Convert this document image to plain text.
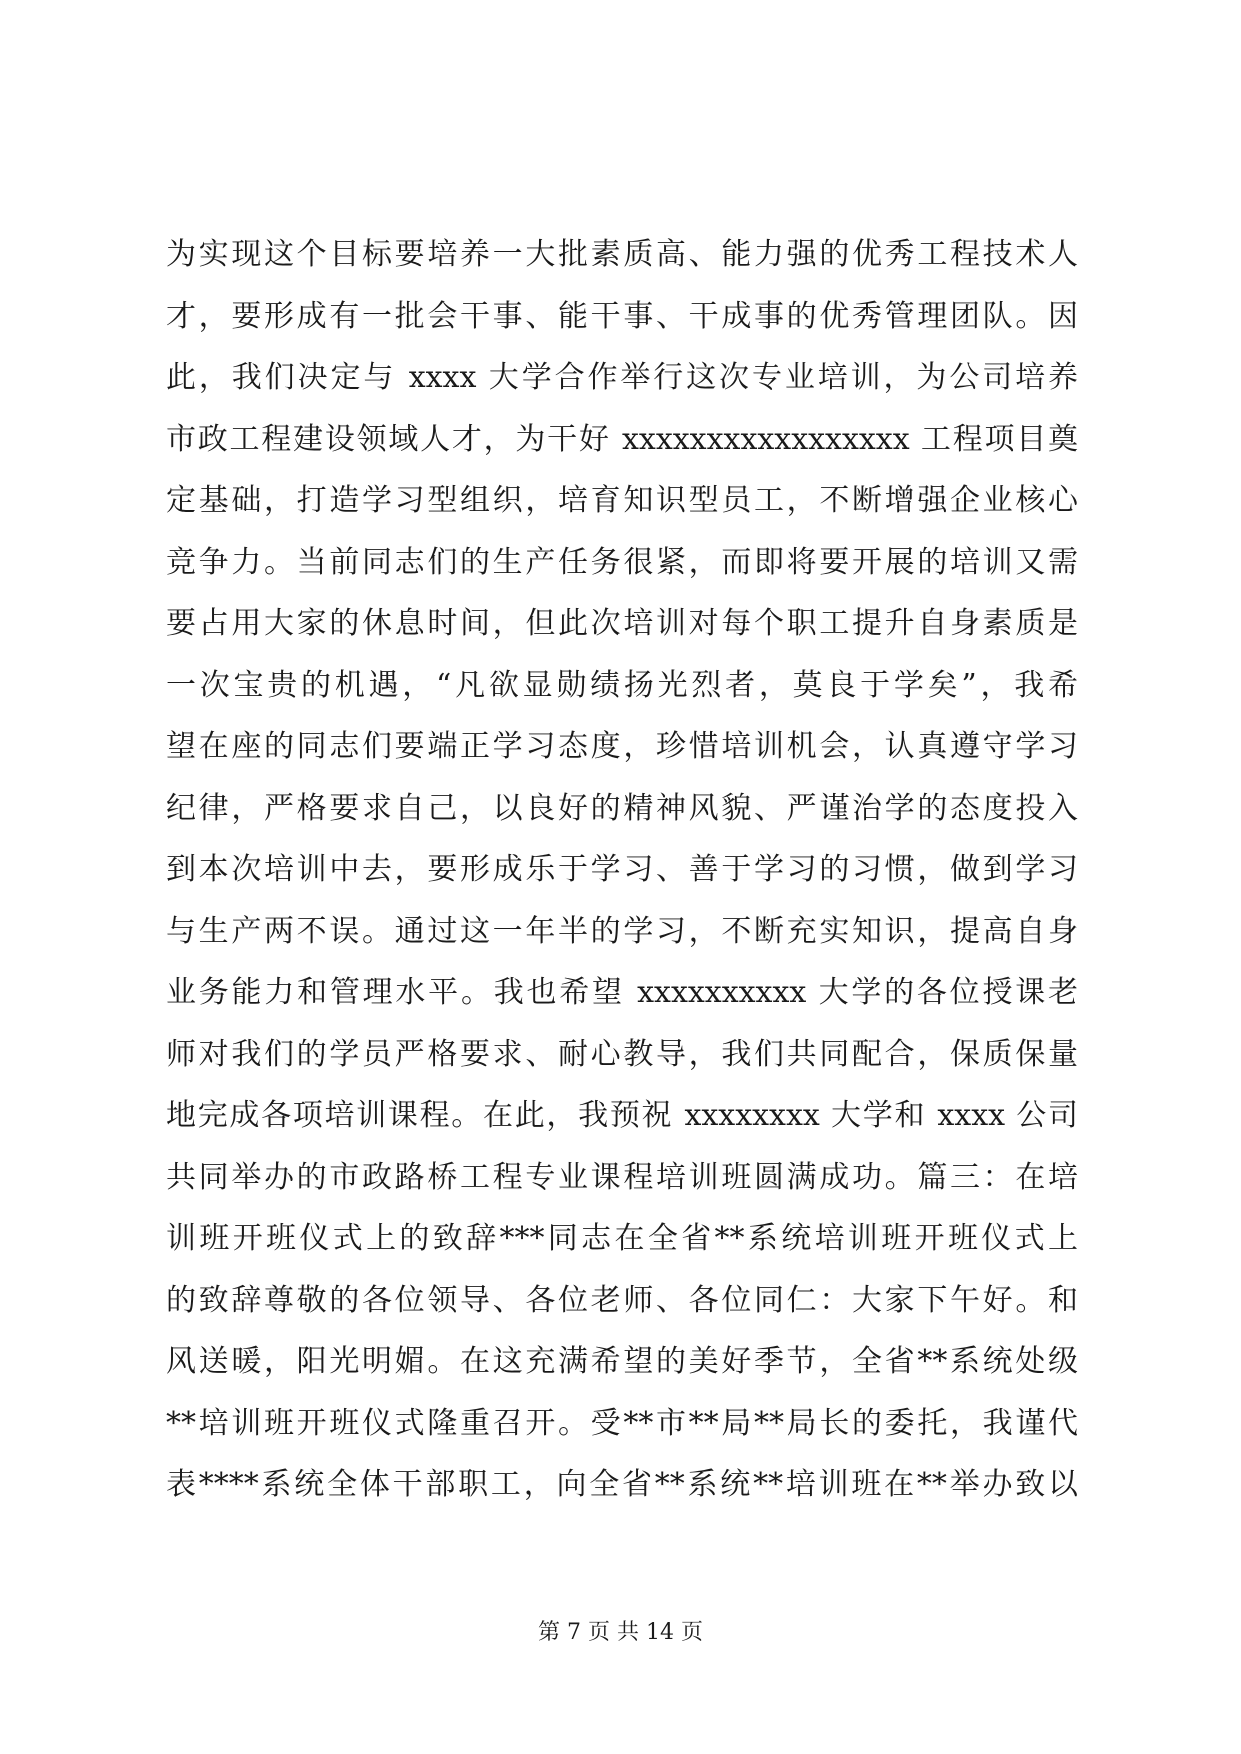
为实现这个目标要培养一大批素质高、能力强的优秀工程技术人
才，要形成有一批会干事、能干事、干成事的优秀管理团队。因
此，我们决定与 xxxx 大学合作举行这次专业培训，为公司培养
市政工程建设领域人才，为干好 xxxxxxxxxxxxxxxxx 工程项目奠
定基础，打造学习型组织，培育知识型员工，不断增强企业核心
竞争力。当前同志们的生产任务很紧，而即将要开展的培训又需
要占用大家的休息时间，但此次培训对每个职工提升自身素质是
一次宝贵的机遇，“凡欲显勋绩扬光烈者，莫良于学矣”，我希
望在座的同志们要端正学习态度，珍惜培训机会，认真遵守学习
纪律，严格要求自己，以良好的精神风貌、严谨治学的态度投入
到本次培训中去，要形成乐于学习、善于学习的习惯，做到学习
与生产两不误。通过这一年半的学习，不断充实知识，提高自身
业务能力和管理水平。我也希望 xxxxxxxxxx 大学的各位授课老
师对我们的学员严格要求、耐心教导，我们共同配合，保质保量
地完成各项培训课程。在此，我预祝 xxxxxxxx 大学和 xxxx 公司
共同举办的市政路桥工程专业课程培训班圆满成功。篇三：在培
训班开班仪式上的致辞***同志在全省**系统培训班开班仪式上
的致辞尊敬的各位领导、各位老师、各位同仁：大家下午好。和
风送暖，阳光明媚。在这充满希望的美好季节，全省**系统处级
**培训班开班仪式隆重召开。受**市**局**局长的委托，我谨代
表****系统全体干部职工，向全省**系统**培训班在**举办致以
第 7 页 共 14 页
